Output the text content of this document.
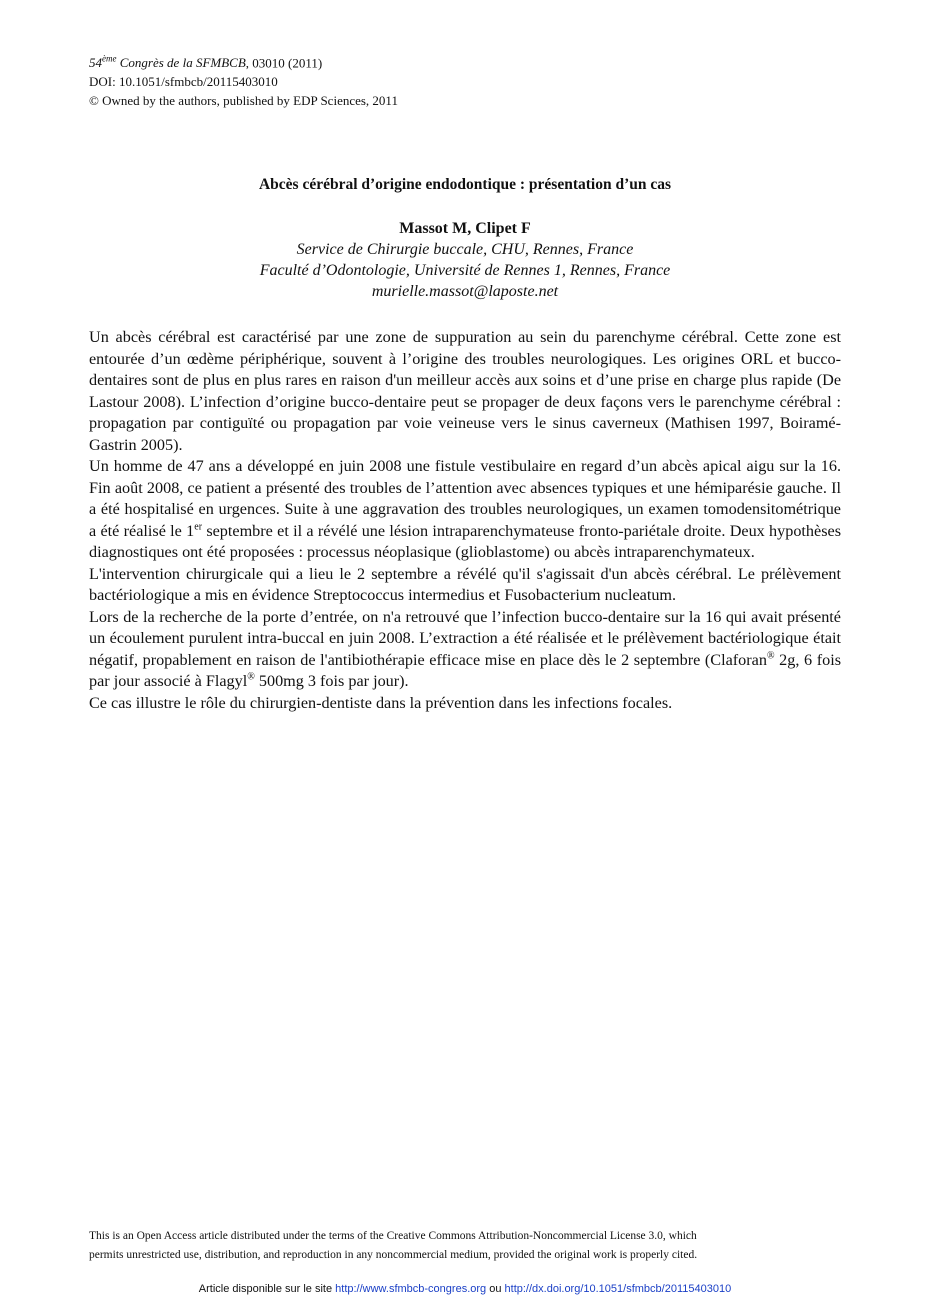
54ème Congrès de la SFMBCB, 03010 (2011)
DOI: 10.1051/sfmbcb/20115403010
© Owned by the authors, published by EDP Sciences, 2011
Abcès cérébral d’origine endodontique : présentation d’un cas
Massot M, Clipet F
Service de Chirurgie buccale, CHU, Rennes, France
Faculté d’Odontologie, Université de Rennes 1, Rennes, France
murielle.massot@laposte.net

Un abcès cérébral est caractérisé par une zone de suppuration au sein du parenchyme cérébral. Cette zone est entourée d’un œdème périphérique, souvent à l’origine des troubles neurologiques. Les origines ORL et bucco-dentaires sont de plus en plus rares en raison d'un meilleur accès aux soins et d’une prise en charge plus rapide (De Lastour 2008). L’infection d’origine bucco-dentaire peut se propager de deux façons vers le parenchyme cérébral : propagation par contiguïté ou propagation par voie veineuse vers le sinus caverneux (Mathisen 1997, Boiramé-Gastrin 2005).

Un homme de 47 ans a développé en juin 2008 une fistule vestibulaire en regard d’un abcès apical aigu sur la 16. Fin août 2008, ce patient a présenté des troubles de l’attention avec absences typiques et une hémiparésie gauche. Il a été hospitalisé en urgences. Suite à une aggravation des troubles neurologiques, un examen tomodensitométrique a été réalisé le 1er septembre et il a révélé une lésion intraparenchymateuse fronto-pariétale droite. Deux hypothèses diagnostiques ont été proposées : processus néoplasique (glioblastome) ou abcès intraparenchymateux.

L'intervention chirurgicale qui a lieu le 2 septembre a révélé qu'il s'agissait d'un abcès cérébral. Le prélèvement bactériologique a mis en évidence Streptococcus intermedius et Fusobacterium nucleatum.

Lors de la recherche de la porte d’entrée, on n'a retrouvé que l’infection bucco-dentaire sur la 16 qui avait présenté un écoulement purulent intra-buccal en juin 2008. L’extraction a été réalisée et le prélèvement bactériologique était négatif, propablement en raison de l'antibiothérapie efficace mise en place dès le 2 septembre (Claforan® 2g, 6 fois par jour associé à Flagyl® 500mg 3 fois par jour).

Ce cas illustre le rôle du chirurgien-dentiste dans la prévention dans les infections focales.

This is an Open Access article distributed under the terms of the Creative Commons Attribution-Noncommercial License 3.0, which
permits unrestricted use, distribution, and reproduction in any noncommercial medium, provided the original work is properly cited.
Article disponible sur le site http://www.sfmbcb-congres.org ou http://dx.doi.org/10.1051/sfmbcb/20115403010
